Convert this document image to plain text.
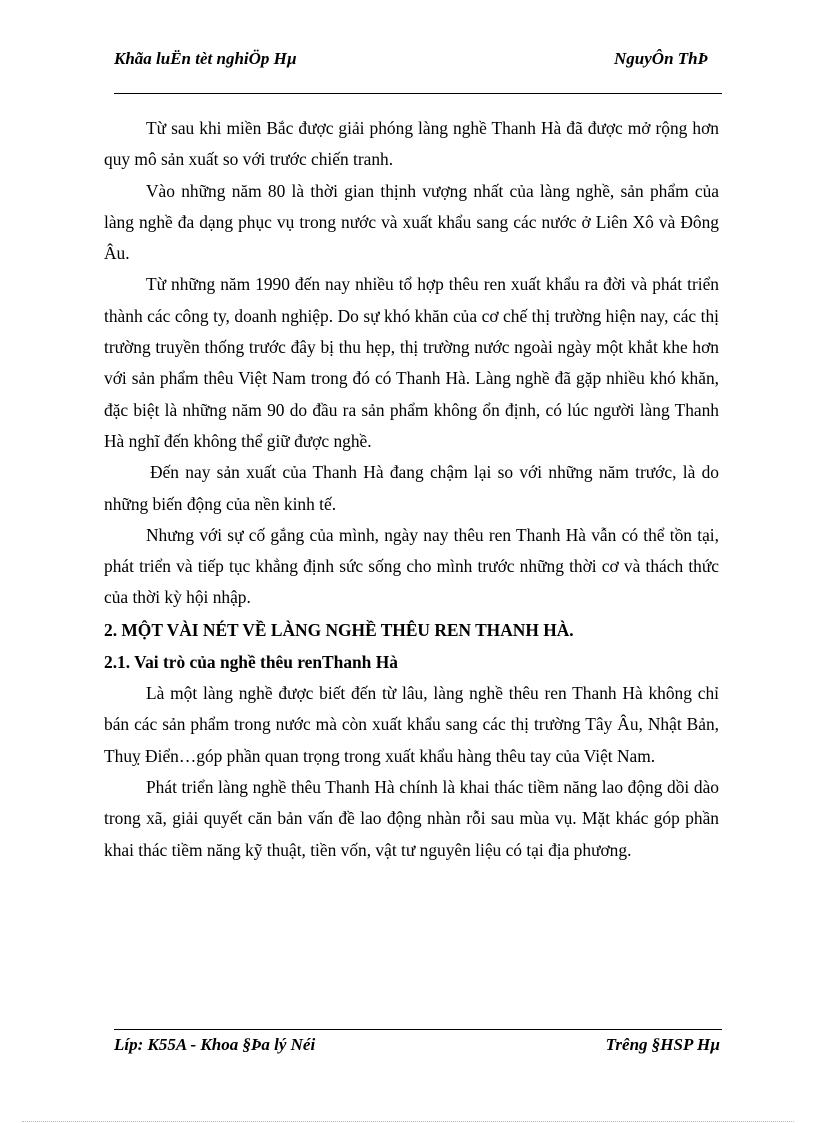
Khãa luËn tèt nghiÖp Hµ	NguyÔn ThÞ

Từ sau khi miền Bắc được giải phóng làng nghề Thanh Hà đã được mở rộng hơn quy mô sản xuất so với trước chiến tranh.

Vào những năm 80 là thời gian thịnh vượng nhất của làng nghề, sản phẩm của làng nghề đa dạng phục vụ trong nước và xuất khẩu sang các nước ở Liên Xô và Đông Âu.

Từ những năm 1990 đến nay nhiều tổ hợp thêu ren xuất khẩu ra đời và phát triển thành các công ty, doanh nghiệp. Do sự khó khăn của cơ chế thị trường hiện nay, các thị trường truyền thống trước đây bị thu hẹp, thị trường nước ngoài ngày một khắt khe hơn với sản phẩm thêu Việt Nam trong đó có Thanh Hà. Làng nghề đã gặp nhiều khó khăn, đặc biệt là những năm 90 do đầu ra sản phẩm không ổn định, có lúc người làng Thanh Hà nghĩ đến không thể giữ được nghề.

Đến nay sản xuất của Thanh Hà đang chậm lại so với những năm trước, là do những biến động của nền kinh tế.

Nhưng với sự cố gắng của mình, ngày nay thêu ren Thanh Hà vẫn có thể tồn tại, phát triển và tiếp tục khẳng định sức sống cho mình trước những thời cơ và thách thức của thời kỳ hội nhập.

2. MỘT VÀI NÉT VỀ LÀNG NGHỀ THÊU REN THANH HÀ.
2.1. Vai trò của nghề thêu renThanh Hà

Là một làng nghề được biết đến từ lâu, làng nghề thêu ren Thanh Hà không chỉ bán các sản phẩm trong nước mà còn xuất khẩu sang các thị trường Tây Âu, Nhật Bản, Thuỵ Điển…góp phần quan trọng trong xuất khẩu hàng thêu tay của Việt Nam.

Phát triển làng nghề thêu Thanh Hà chính là khai thác tiềm năng lao động dồi dào trong xã, giải quyết căn bản vấn đề lao động nhàn rỗi sau mùa vụ. Mặt khác góp phần khai thác tiềm năng kỹ thuật, tiền vốn, vật tư nguyên liệu có tại địa phương.

Líp: K55A - Khoa §Þa lý Néi	Trêng §HSP Hµ
